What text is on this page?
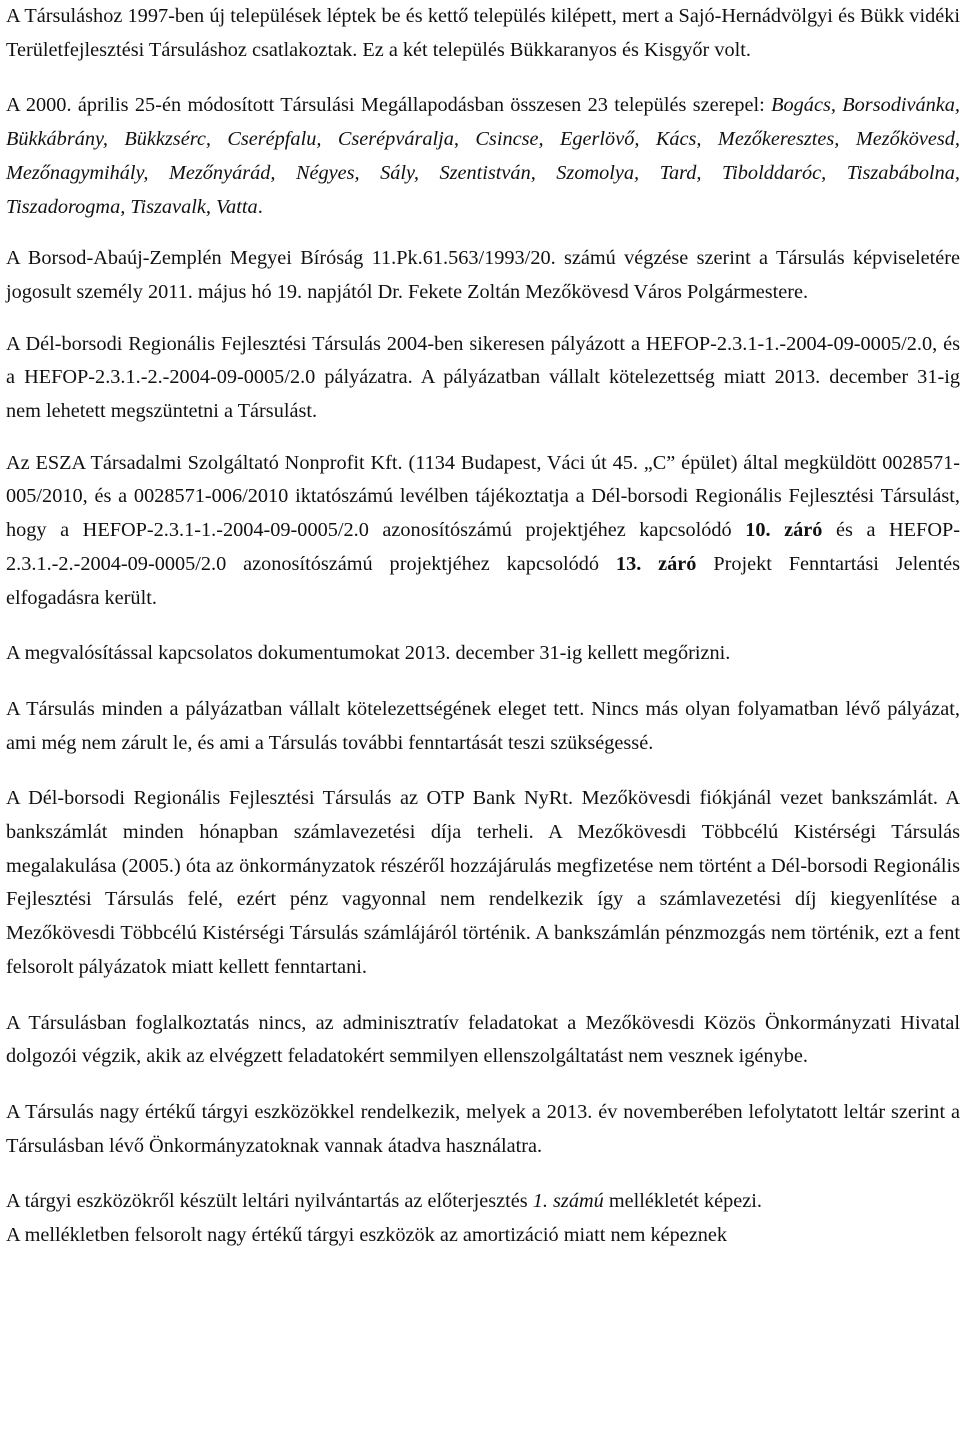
A Társuláshoz 1997-ben új települések léptek be és kettő település kilépett, mert a Sajó-Hernádvölgyi és Bükk vidéki Területfejlesztési Társuláshoz csatlakoztak. Ez a két település Bükkaranyos és Kisgyőr volt.

A 2000. április 25-én módosított Társulási Megállapodásban összesen 23 település szerepel: Bogács, Borsodivánka, Bükkábrány, Bükkzsérc, Cserépfalu, Cserépváralja, Csincse, Egerlövő, Kács, Mezőkeresztes, Mezőkövesd, Mezőnagymihály, Mezőnyárád, Négyes, Sály, Szentistván, Szomolya, Tard, Tibolddaróc, Tiszabábolna, Tiszadorogma, Tiszavalk, Vatta.

A Borsod-Abaúj-Zemplén Megyei Bíróság 11.Pk.61.563/1993/20. számú végzése szerint a Társulás képviseletére jogosult személy 2011. május hó 19. napjától Dr. Fekete Zoltán Mezőkövesd Város Polgármestere.

A Dél-borsodi Regionális Fejlesztési Társulás 2004-ben sikeresen pályázott a HEFOP-2.3.1-1.-2004-09-0005/2.0, és a HEFOP-2.3.1.-2.-2004-09-0005/2.0 pályázatra. A pályázatban vállalt kötelezettség miatt 2013. december 31-ig nem lehetett megszüntetni a Társulást.

Az ESZA Társadalmi Szolgáltató Nonprofit Kft. (1134 Budapest, Váci út 45. „C” épület) által megküldött 0028571-005/2010, és a 0028571-006/2010 iktatószámú levélben tájékoztatja a Dél-borsodi Regionális Fejlesztési Társulást, hogy a HEFOP-2.3.1-1.-2004-09-0005/2.0 azonosítószámú projektjéhez kapcsolódó 10. záró és a HEFOP-2.3.1.-2.-2004-09-0005/2.0 azonosítószámú projektjéhez kapcsolódó 13. záró Projekt Fenntartási Jelentés elfogadásra került.

A megvalósítással kapcsolatos dokumentumokat 2013. december 31-ig kellett megőrizni.

A Társulás minden a pályázatban vállalt kötelezettségének eleget tett. Nincs más olyan folyamatban lévő pályázat, ami még nem zárult le, és ami a Társulás további fenntartását teszi szükségessé.

A Dél-borsodi Regionális Fejlesztési Társulás az OTP Bank NyRt. Mezőkövesdi fiókjánál vezet bankszámlát. A bankszámlát minden hónapban számlavezetési díja terheli. A Mezőkövesdi Többcélú Kistérségi Társulás megalakulása (2005.) óta az önkormányzatok részéről hozzájárulás megfizetése nem történt a Dél-borsodi Regionális Fejlesztési Társulás felé, ezért pénz vagyonnal nem rendelkezik így a számlavezetési díj kiegyenlítése a Mezőkövesdi Többcélú Kistérségi Társulás számlájáról történik. A bankszámlán pénzmozgás nem történik, ezt a fent felsorolt pályázatok miatt kellett fenntartani.

A Társulásban foglalkoztatás nincs, az adminisztratív feladatokat a Mezőkövesdi Közös Önkormányzati Hivatal dolgozói végzik, akik az elvégzett feladatokért semmilyen ellenszolgáltatást nem vesznek igénybe.

A Társulás nagy értékű tárgyi eszközökkel rendelkezik, melyek a 2013. év novemberében lefolytatott leltár szerint a Társulásban lévő Önkormányzatoknak vannak átadva használatra.

A tárgyi eszközökről készült leltári nyilvántartás az előterjesztés 1. számú mellékletét képezi.

A mellékletben felsorolt nagy értékű tárgyi eszközök az amortizáció miatt nem képeznek
